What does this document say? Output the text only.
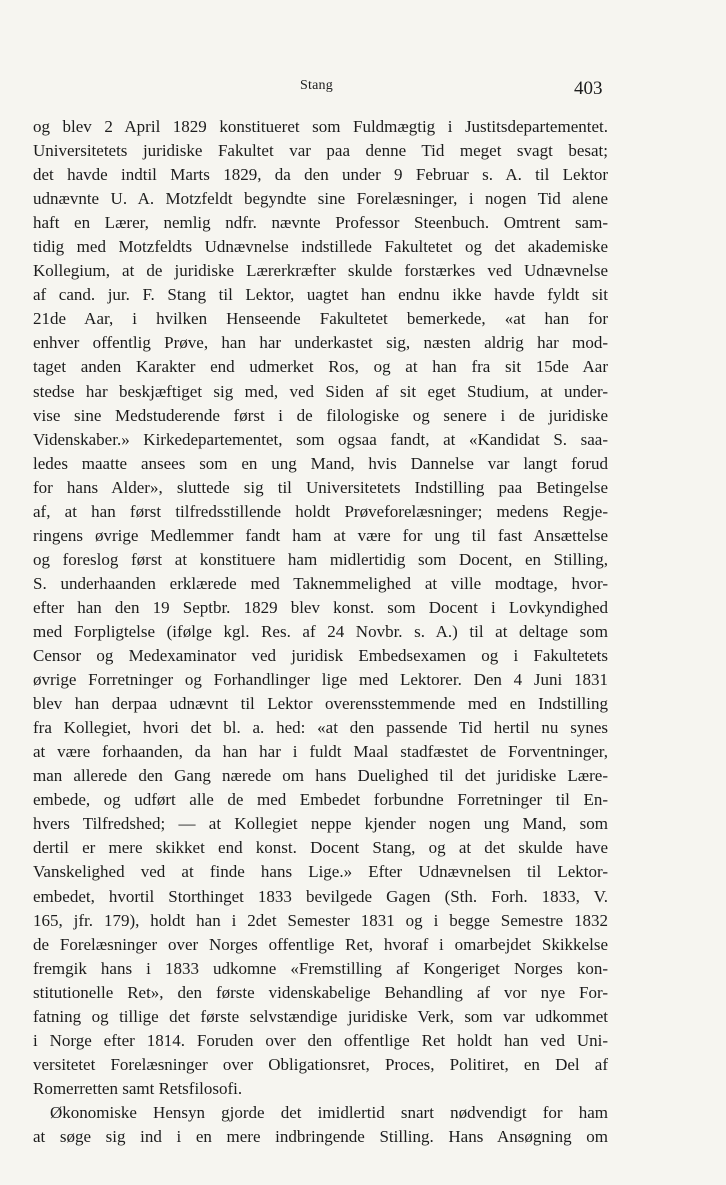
Stang	403
og blev 2 April 1829 konstitueret som Fuldmægtig i Justitsdepartementet.
Universitetets juridiske Fakultet var paa denne Tid meget svagt besat;
det havde indtil Marts 1829, da den under 9 Februar s. A. til Lektor
udnævnte U. A. Motzfeldt begyndte sine Forelæsninger, i nogen Tid alene
haft en Lærer, nemlig ndfr. nævnte Professor Steenbuch. Omtrent sam-
tidig med Motzfeldts Udnævnelse indstillede Fakultetet og det akademiske
Kollegium, at de juridiske Lærerkræfter skulde forstærkes ved Udnævnelse
af cand. jur. F. Stang til Lektor, uagtet han endnu ikke havde fyldt sit
21de Aar, i hvilken Henseende Fakultetet bemerkede, «at han for
enhver offentlig Prøve, han har underkastet sig, næsten aldrig har mod-
taget anden Karakter end udmerket Ros, og at han fra sit 15de Aar
stedse har beskjæftiget sig med, ved Siden af sit eget Studium, at under-
vise sine Medstuderende først i de filologiske og senere i de juridiske
Videnskaber.» Kirkedepartementet, som ogsaa fandt, at «Kandidat S. saa-
ledes maatte ansees som en ung Mand, hvis Dannelse var langt forud
for hans Alder», sluttede sig til Universitetets Indstilling paa Betingelse
af, at han først tilfredsstillende holdt Prøveforelæsninger; medens Regje-
ringens øvrige Medlemmer fandt ham at være for ung til fast Ansættelse
og foreslog først at konstituere ham midlertidig som Docent, en Stilling,
S. underhaanden erklærede med Taknemmelighed at ville modtage, hvor-
efter han den 19 Septbr. 1829 blev konst. som Docent i Lovkyndighed
med Forpligtelse (ifølge kgl. Res. af 24 Novbr. s. A.) til at deltage som
Censor og Medexaminator ved juridisk Embedsexamen og i Fakultetets
øvrige Forretninger og Forhandlinger lige med Lektorer. Den 4 Juni 1831
blev han derpaa udnævnt til Lektor overensstemmende med en Indstilling
fra Kollegiet, hvori det bl. a. hed: «at den passende Tid hertil nu synes
at være forhaanden, da han har i fuldt Maal stadfæstet de Forventninger,
man allerede den Gang nærede om hans Duelighed til det juridiske Lære-
embede, og udført alle de med Embedet forbundne Forretninger til En-
hvers Tilfredshed; — at Kollegiet neppe kjender nogen ung Mand, som
dertil er mere skikket end konst. Docent Stang, og at det skulde have
Vanskelighed ved at finde hans Lige.» Efter Udnævnelsen til Lektor-
embedet, hvortil Storthinget 1833 bevilgede Gagen (Sth. Forh. 1833, V.
165, jfr. 179), holdt han i 2det Semester 1831 og i begge Semestre 1832
de Forelæsninger over Norges offentlige Ret, hvoraf i omarbejdet Skikkelse
fremgik hans i 1833 udkomne «Fremstilling af Kongeriget Norges kon-
stitutionelle Ret», den første videnskabelige Behandling af vor nye For-
fatning og tillige det første selvstændige juridiske Verk, som var udkommet
i Norge efter 1814. Foruden over den offentlige Ret holdt han ved Uni-
versitetet Forelæsninger over Obligationsret, Proces, Politiret, en Del af
Romerretten samt Retsfilosofi.
Økonomiske Hensyn gjorde det imidlertid snart nødvendigt for ham
at søge sig ind i en mere indbringende Stilling. Hans Ansøgning om
